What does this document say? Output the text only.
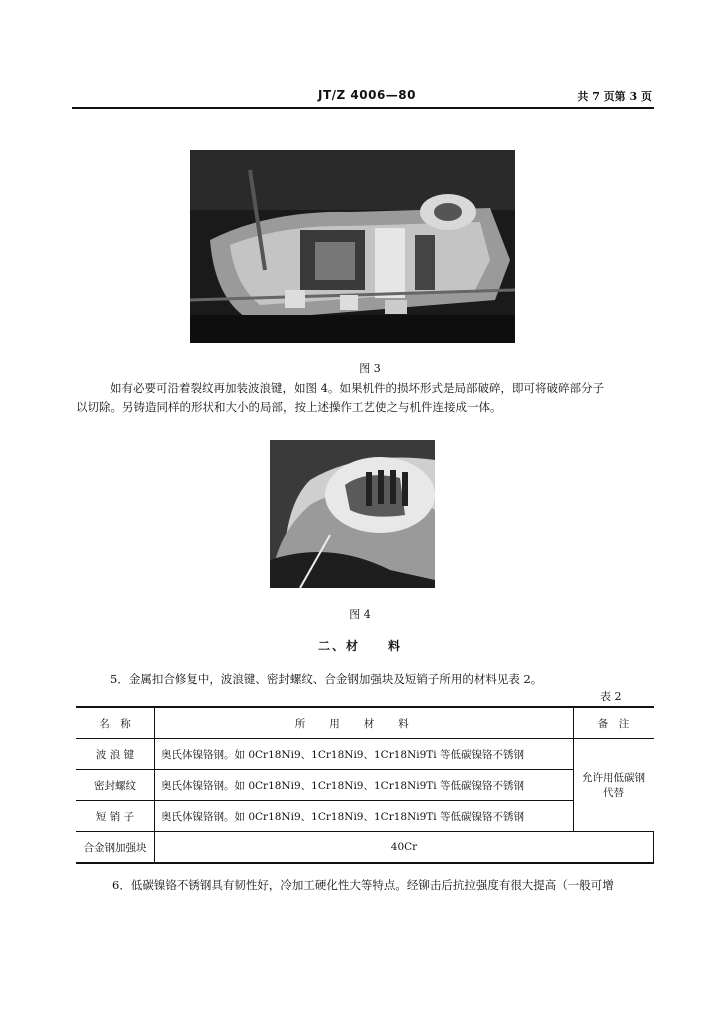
JT/Z 4006—80	共 7 页第 3 页
图 3
如有必要可沿着裂纹再加装波浪键，如图 4。如果机件的损坏形式是局部破碎，即可将破碎部分子
以切除。另铸造同样的形状和大小的局部，按上述操作工艺使之与机件连接成一体。
图 4
二、材　　料
5．金属扣合修复中，波浪键、密封螺纹、合金钢加强块及短销子所用的材料见表 2。
表 2
名　称	所用材料	备　注
波 浪 键	奥氏体镍铬钢。如 0Cr18Ni9、1Cr18Ni9、1Cr18Ni9Ti 等低碳镍铬不锈钢	允许用低碳钢代替
密封螺纹	奥氏体镍铬钢。如 0Cr18Ni9、1Cr18Ni9、1Cr18Ni9Ti 等低碳镍铬不锈钢	
短 销 子	奥氏体镍铬钢。如 0Cr18Ni9、1Cr18Ni9、1Cr18Ni9Ti 等低碳镍铬不锈钢	
合金钢加强块	40Cr	
6．低碳镍铬不锈钢具有韧性好，冷加工硬化性大等特点。经铆击后抗拉强度有很大提高（一般可增
